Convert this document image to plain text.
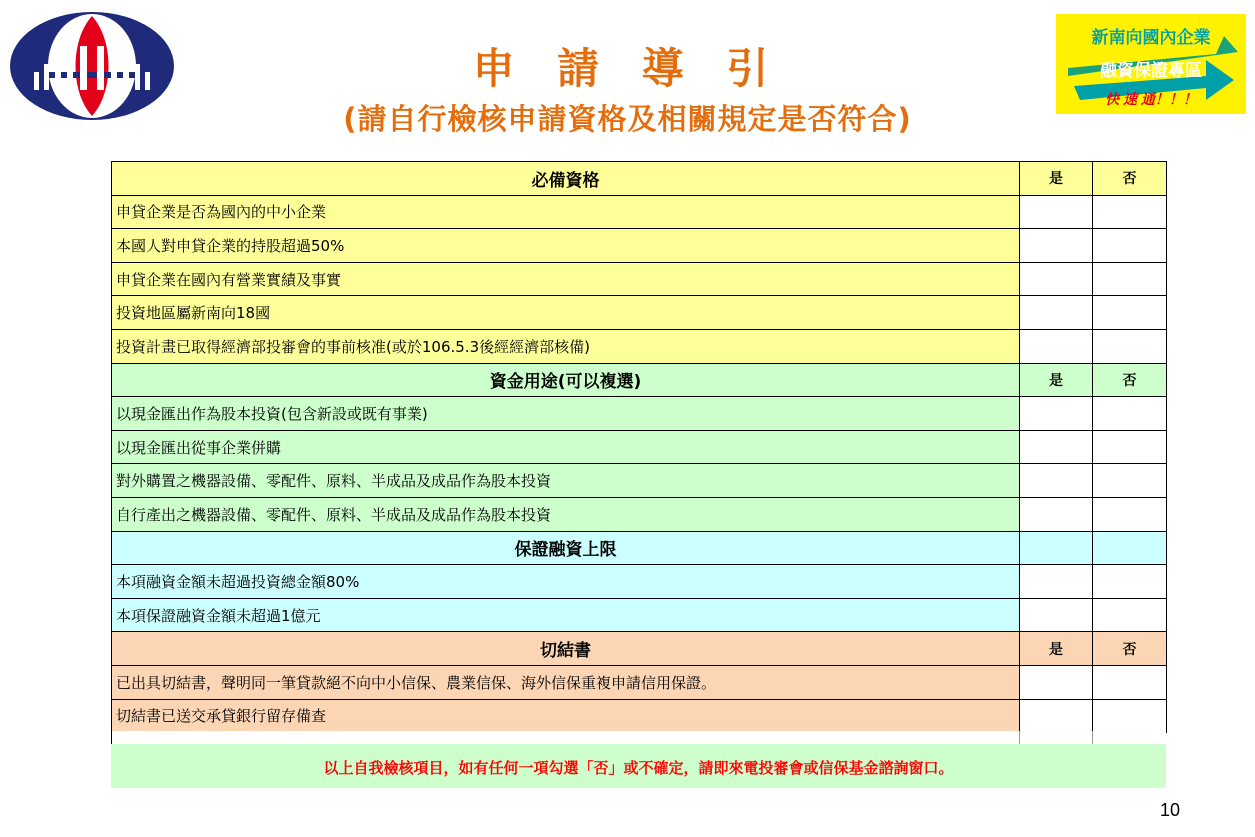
申 請 導 引
(請自行檢核申請資格及相關規定是否符合)
新南向國內企業
融資保證專區
快 速 通！！！
必備資格	是	否
申貸企業是否為國內的中小企業		
本國人對申貸企業的持股超過50%		
申貸企業在國內有營業實績及事實		
投資地區屬新南向18國		
投資計畫已取得經濟部投審會的事前核准(或於106.5.3後經經濟部核備)		
資金用途(可以複選)	是	否
以現金匯出作為股本投資(包含新設或既有事業)		
以現金匯出從事企業併購		
對外購置之機器設備、零配件、原料、半成品及成品作為股本投資		
自行產出之機器設備、零配件、原料、半成品及成品作為股本投資		
保證融資上限		
本項融資金額未超過投資總金額80%		
本項保證融資金額未超過1億元		
切結書	是	否
已出具切結書，聲明同一筆貸款絕不向中小信保、農業信保、海外信保重複申請信用保證。		
切結書已送交承貸銀行留存備查		
以上自我檢核項目，如有任何一項勾選「否」或不確定，請即來電投審會或信保基金諮詢窗口。
10
